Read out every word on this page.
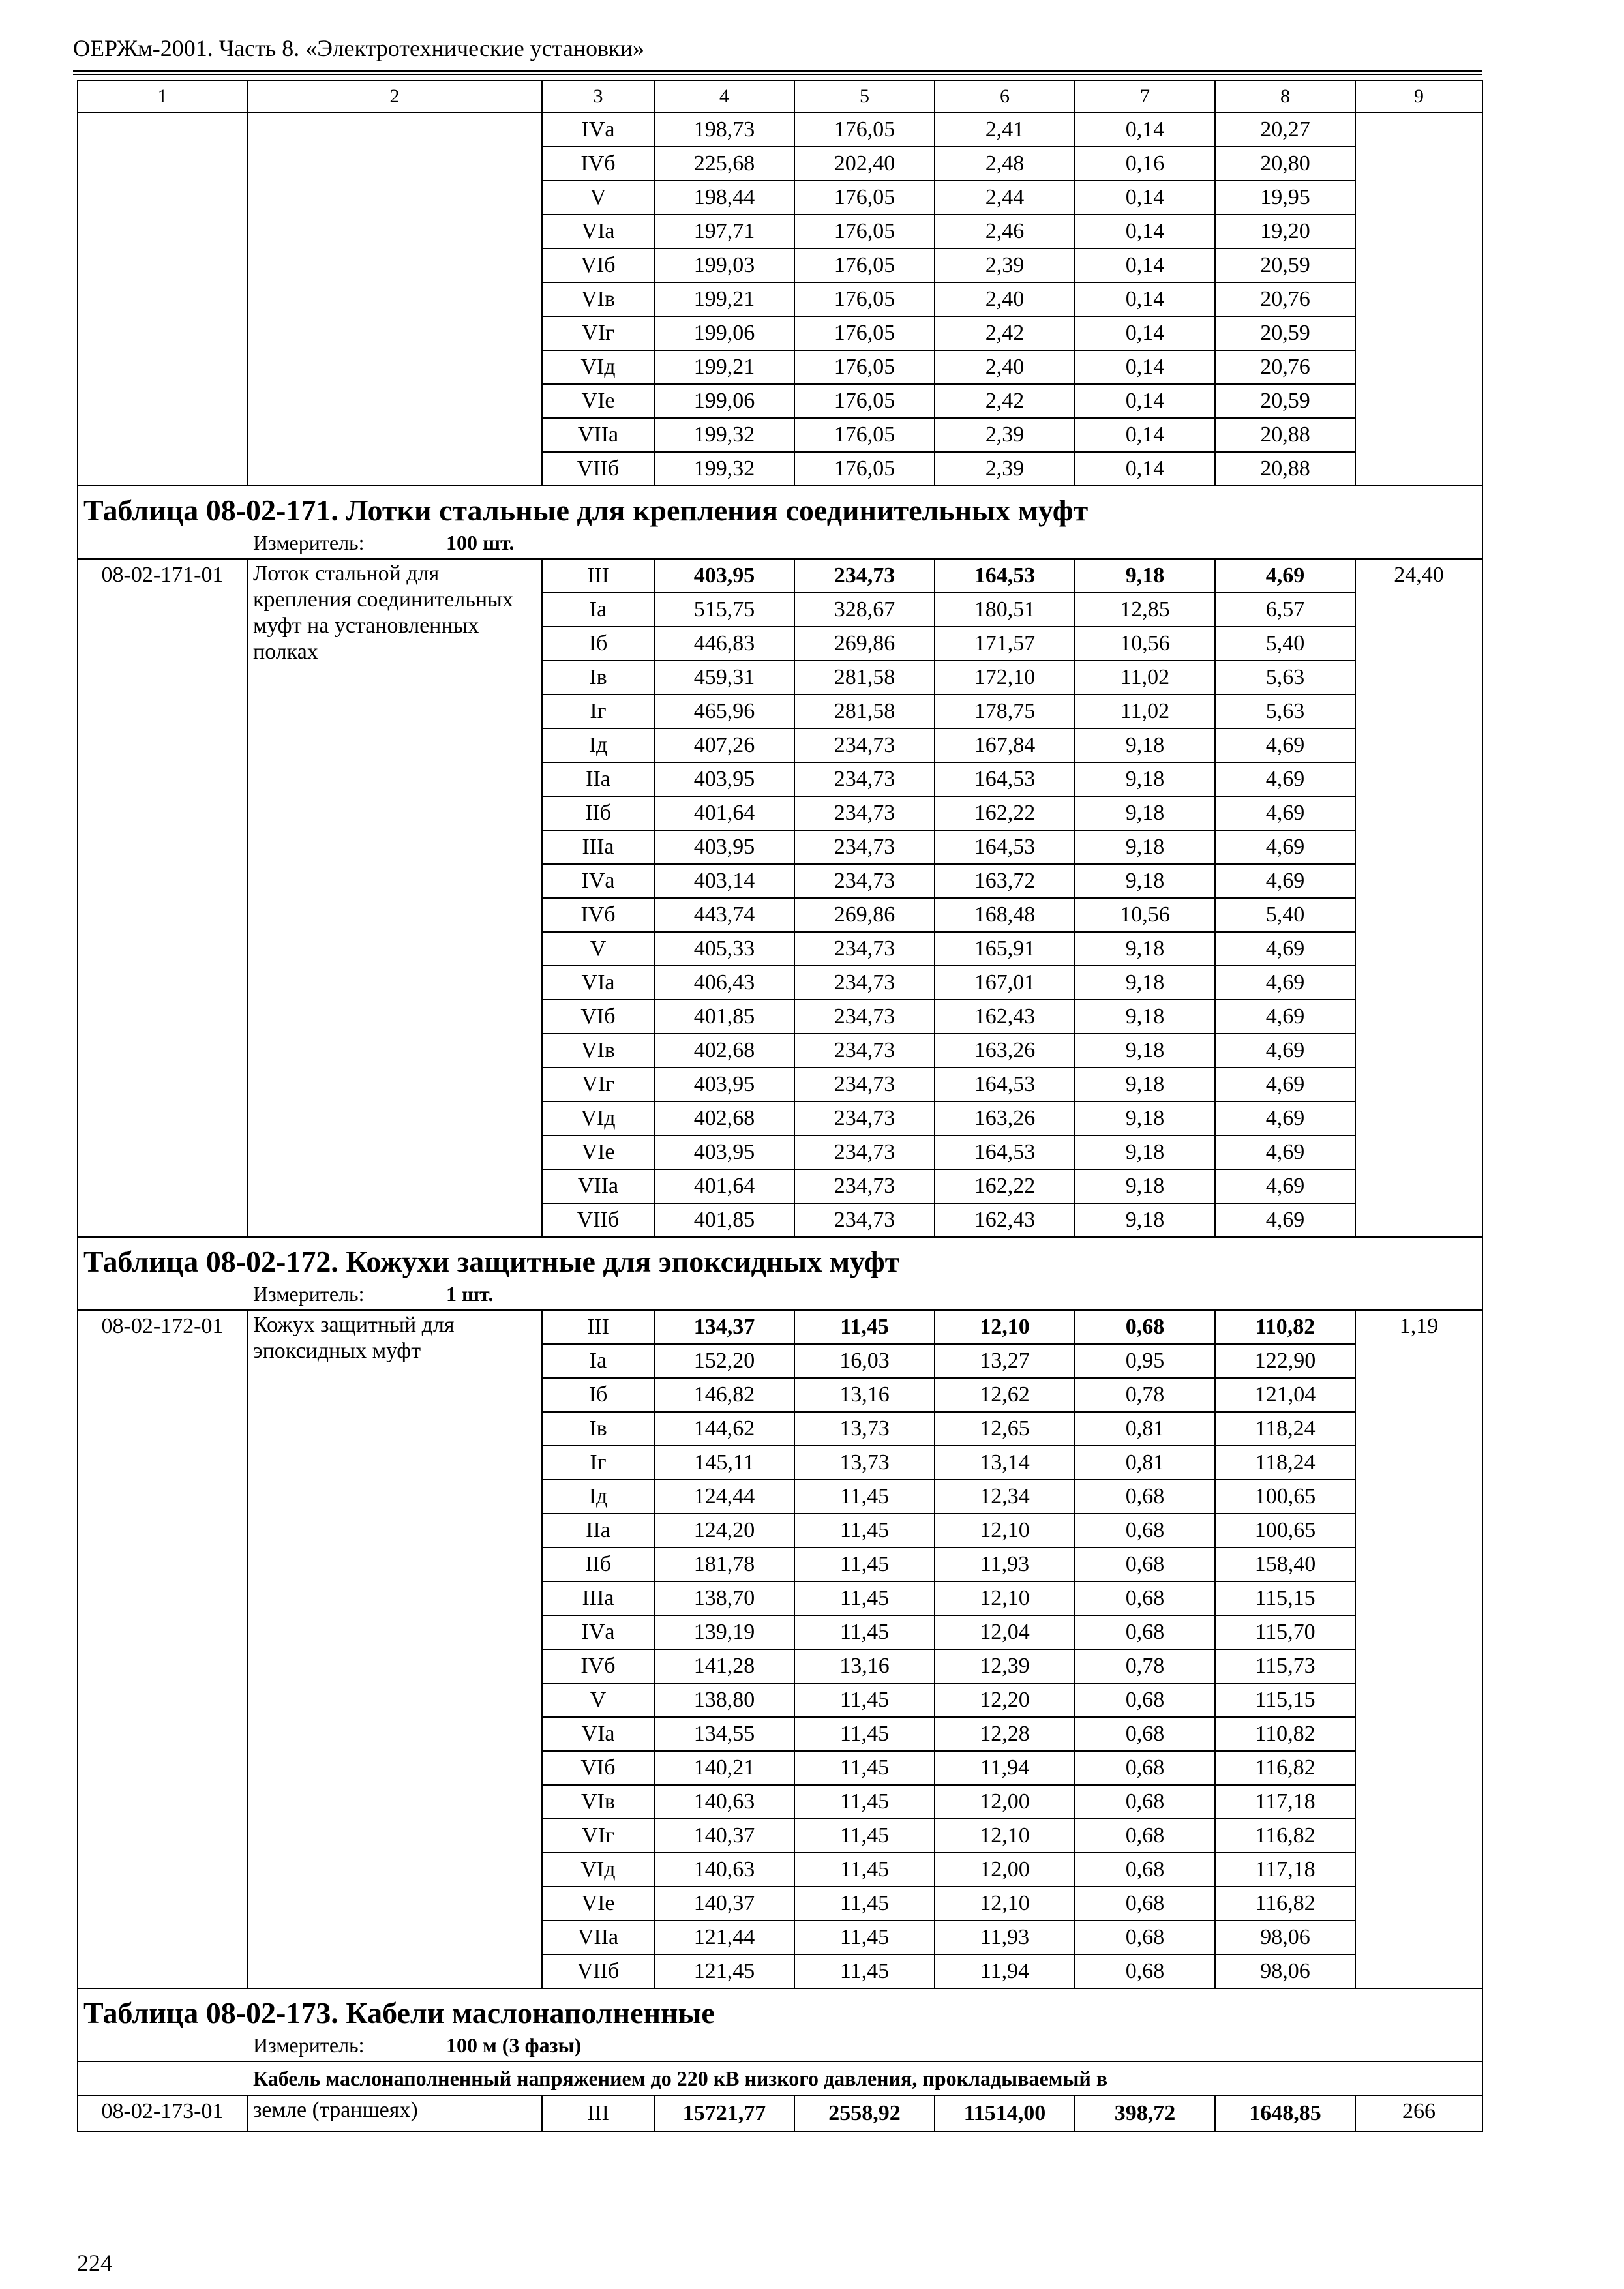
ОЕРЖм-2001. Часть 8. «Электротехнические установки»
1	2	3	4	5	6	7	8	9
		IVа	198,73	176,05	2,41	0,14	20,27	
		IVб	225,68	202,40	2,48	0,16	20,80	
		V	198,44	176,05	2,44	0,14	19,95	
		VIа	197,71	176,05	2,46	0,14	19,20	
		VIб	199,03	176,05	2,39	0,14	20,59	
		VIв	199,21	176,05	2,40	0,14	20,76	
		VIг	199,06	176,05	2,42	0,14	20,59	
		VIд	199,21	176,05	2,40	0,14	20,76	
		VIе	199,06	176,05	2,42	0,14	20,59	
		VIIа	199,32	176,05	2,39	0,14	20,88	
		VIIб	199,32	176,05	2,39	0,14	20,88	
Таблица 08-02-171. Лотки стальные для крепления соединительных муфт								
Измеритель: 100 шт.								
08-02-171-01	Лоток стальной для крепления соединительных муфт на установленных полках	III	403,95	234,73	164,53	9,18	4,69	24,40
		Iа	515,75	328,67	180,51	12,85	6,57	
		Iб	446,83	269,86	171,57	10,56	5,40	
		Iв	459,31	281,58	172,10	11,02	5,63	
		Iг	465,96	281,58	178,75	11,02	5,63	
		Iд	407,26	234,73	167,84	9,18	4,69	
		IIа	403,95	234,73	164,53	9,18	4,69	
		IIб	401,64	234,73	162,22	9,18	4,69	
		IIIа	403,95	234,73	164,53	9,18	4,69	
		IVа	403,14	234,73	163,72	9,18	4,69	
		IVб	443,74	269,86	168,48	10,56	5,40	
		V	405,33	234,73	165,91	9,18	4,69	
		VIа	406,43	234,73	167,01	9,18	4,69	
		VIб	401,85	234,73	162,43	9,18	4,69	
		VIв	402,68	234,73	163,26	9,18	4,69	
		VIг	403,95	234,73	164,53	9,18	4,69	
		VIд	402,68	234,73	163,26	9,18	4,69	
		VIе	403,95	234,73	164,53	9,18	4,69	
		VIIа	401,64	234,73	162,22	9,18	4,69	
		VIIб	401,85	234,73	162,43	9,18	4,69	
Таблица 08-02-172. Кожухи защитные для эпоксидных муфт								
Измеритель: 1 шт.								
08-02-172-01	Кожух защитный для эпоксидных муфт	III	134,37	11,45	12,10	0,68	110,82	1,19
		Iа	152,20	16,03	13,27	0,95	122,90	
		Iб	146,82	13,16	12,62	0,78	121,04	
		Iв	144,62	13,73	12,65	0,81	118,24	
		Iг	145,11	13,73	13,14	0,81	118,24	
		Iд	124,44	11,45	12,34	0,68	100,65	
		IIа	124,20	11,45	12,10	0,68	100,65	
		IIб	181,78	11,45	11,93	0,68	158,40	
		IIIа	138,70	11,45	12,10	0,68	115,15	
		IVа	139,19	11,45	12,04	0,68	115,70	
		IVб	141,28	13,16	12,39	0,78	115,73	
		V	138,80	11,45	12,20	0,68	115,15	
		VIа	134,55	11,45	12,28	0,68	110,82	
		VIб	140,21	11,45	11,94	0,68	116,82	
		VIв	140,63	11,45	12,00	0,68	117,18	
		VIг	140,37	11,45	12,10	0,68	116,82	
		VIд	140,63	11,45	12,00	0,68	117,18	
		VIе	140,37	11,45	12,10	0,68	116,82	
		VIIа	121,44	11,45	11,93	0,68	98,06	
		VIIб	121,45	11,45	11,94	0,68	98,06	
Таблица 08-02-173. Кабели маслонаполненные								
Измеритель: 100 м (3 фазы)								
Кабель маслонаполненный напряжением до 220 кВ низкого давления, прокладываемый в								
08-02-173-01	земле (траншеях)	III	15721,77	2558,92	11514,00	398,72	1648,85	266
224
